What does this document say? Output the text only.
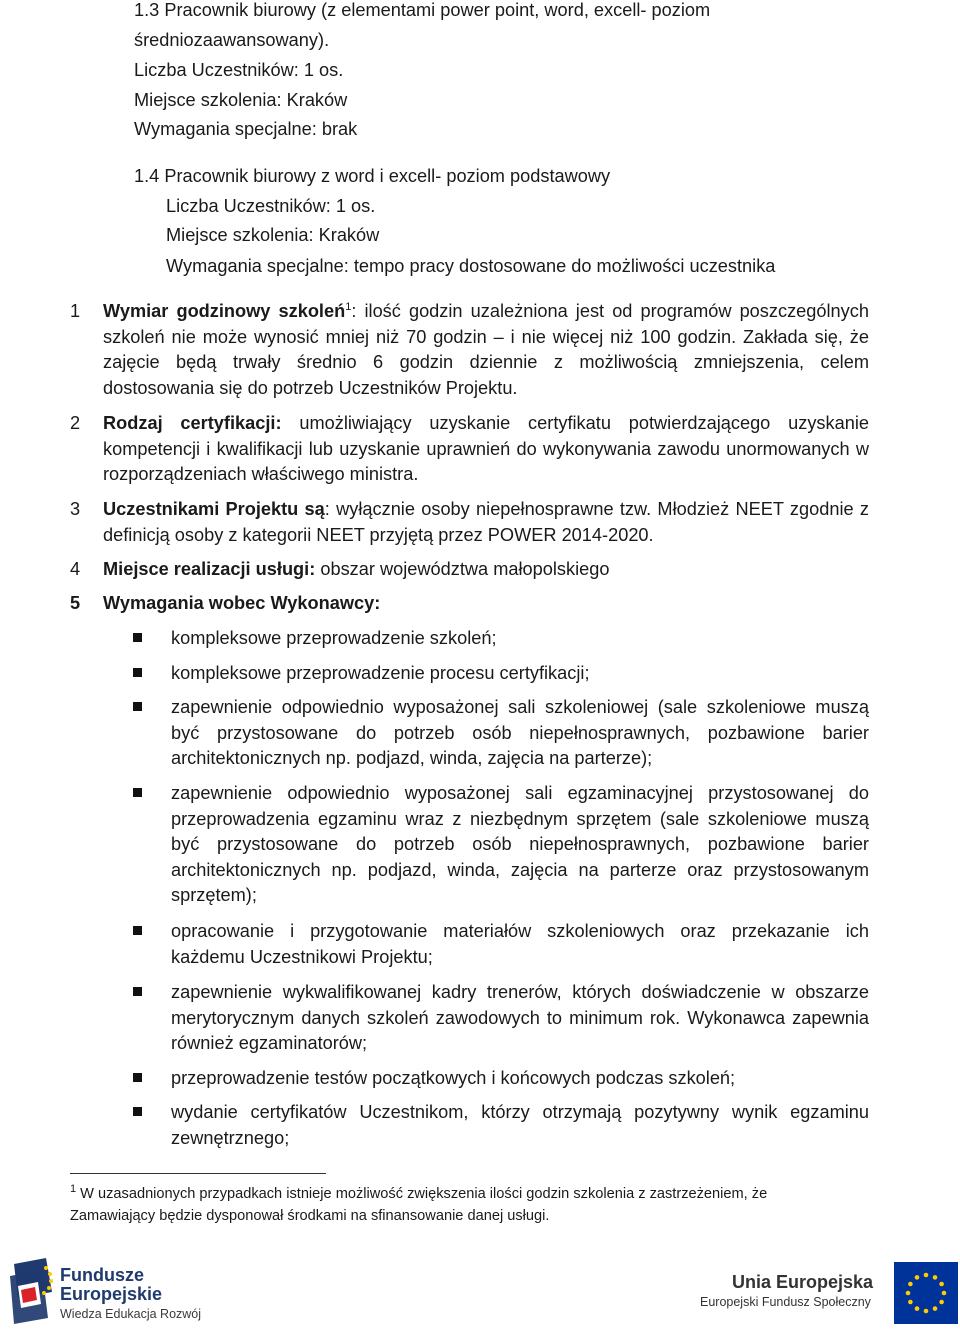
1.3 Pracownik biurowy (z elementami power point, word, excell- poziom
średniozaawansowany).
Liczba Uczestników: 1 os.
Miejsce szkolenia: Kraków
Wymagania specjalne: brak
1.4 Pracownik biurowy z word i excell- poziom podstawowy
Liczba Uczestników: 1 os.
Miejsce szkolenia: Kraków
Wymagania specjalne: tempo pracy dostosowane do możliwości uczestnika
1 Wymiar godzinowy szkoleń$^1$: ilość godzin uzależniona jest od programów poszczególnych szkoleń nie może wynosić mniej niż 70 godzin – i nie więcej niż 100 godzin. Zakłada się, że zajęcie będą trwały średnio 6 godzin dziennie z możliwością zmniejszenia, celem dostosowania się do potrzeb Uczestników Projektu.
2 Rodzaj certyfikacji: umożliwiający uzyskanie certyfikatu potwierdzającego uzyskanie kompetencji i kwalifikacji lub uzyskanie uprawnień do wykonywania zawodu unormowanych w rozporządzeniach właściwego ministra.
3 Uczestnikami Projektu są: wyłącznie osoby niepełnosprawne tzw. Młodzież NEET zgodnie z definicją osoby z kategorii NEET przyjętą przez POWER 2014-2020.
4 Miejsce realizacji usługi: obszar województwa małopolskiego
5 Wymagania wobec Wykonawcy:
kompleksowe przeprowadzenie szkoleń;
kompleksowe przeprowadzenie procesu certyfikacji;
zapewnienie odpowiednio wyposażonej sali szkoleniowej (sale szkoleniowe muszą być przystosowane do potrzeb osób niepełnosprawnych, pozbawione barier architektonicznych np. podjazd, winda, zajęcia na parterze);
zapewnienie odpowiednio wyposażonej sali egzaminacyjnej przystosowanej do przeprowadzenia egzaminu wraz z niezbędnym sprzętem (sale szkoleniowe muszą być przystosowane do potrzeb osób niepełnosprawnych, pozbawione barier architektonicznych np. podjazd, winda, zajęcia na parterze oraz przystosowanym sprzętem);
opracowanie i przygotowanie materiałów szkoleniowych oraz przekazanie ich każdemu Uczestnikowi Projektu;
zapewnienie wykwalifikowanej kadry trenerów, których doświadczenie w obszarze merytorycznym danych szkoleń zawodowych to minimum rok. Wykonawca zapewnia również egzaminatorów;
przeprowadzenie testów początkowych i końcowych podczas szkoleń;
wydanie certyfikatów Uczestnikom, którzy otrzymają pozytywny wynik egzaminu zewnętrznego;
$^1$ W uzasadnionych przypadkach istnieje możliwość zwiększenia ilości godzin szkolenia z zastrzeżeniem, że Zamawiający będzie dysponował środkami na sfinansowanie danej usługi.
Fundusze
Europejskie
Wiedza Edukacja Rozwój
Unia Europejska
Europejski Fundusz Społeczny
